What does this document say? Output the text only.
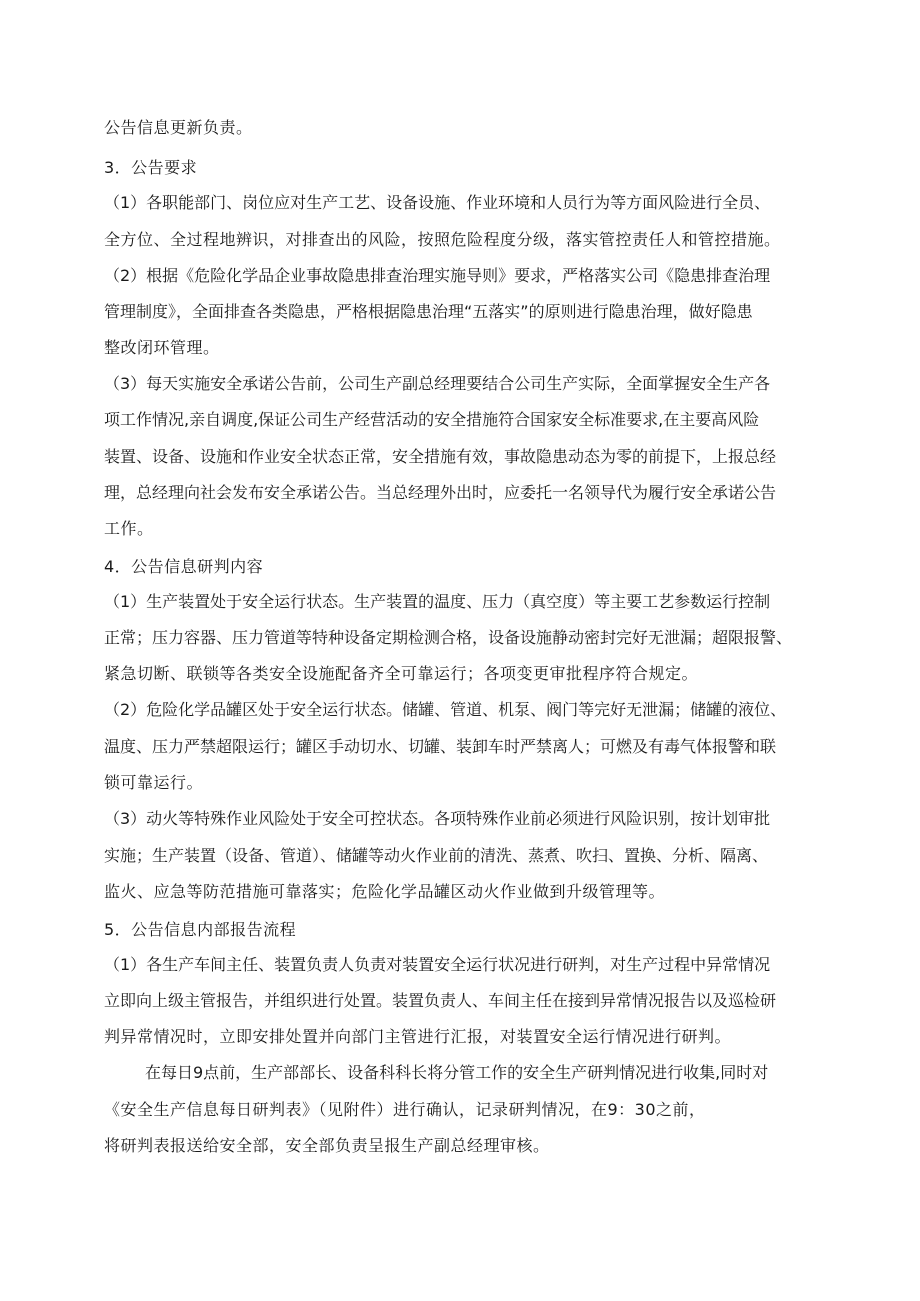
公告信息更新负责。

3．公告要求

（1）各职能部门、岗位应对生产工艺、设备设施、作业环境和人员行为等方面风险进行全员、

全方位、全过程地辨识，对排查出的风险，按照危险程度分级，落实管控责任人和管控措施。

（2）根据《危险化学品企业事故隐患排查治理实施导则》要求，严格落实公司《隐患排查治理

管理制度》，全面排查各类隐患，严格根据隐患治理“五落实”的原则进行隐患治理，做好隐患

整改闭环管理。

（3）每天实施安全承诺公告前，公司生产副总经理要结合公司生产实际，全面掌握安全生产各

项工作情况,亲自调度,保证公司生产经营活动的安全措施符合国家安全标准要求,在主要高风险

装置、设备、设施和作业安全状态正常，安全措施有效，事故隐患动态为零的前提下，上报总经

理，总经理向社会发布安全承诺公告。当总经理外出时，应委托一名领导代为履行安全承诺公告

工作。

4．公告信息研判内容

（1）生产装置处于安全运行状态。生产装置的温度、压力（真空度）等主要工艺参数运行控制

正常；压力容器、压力管道等特种设备定期检测合格，设备设施静动密封完好无泄漏；超限报警、

紧急切断、联锁等各类安全设施配备齐全可靠运行；各项变更审批程序符合规定。

（2）危险化学品罐区处于安全运行状态。储罐、管道、机泵、阀门等完好无泄漏；储罐的液位、

温度、压力严禁超限运行；罐区手动切水、切罐、装卸车时严禁离人；可燃及有毒气体报警和联

锁可靠运行。

（3）动火等特殊作业风险处于安全可控状态。各项特殊作业前必须进行风险识别，按计划审批

实施；生产装置（设备、管道）、储罐等动火作业前的清洗、蒸煮、吹扫、置换、分析、隔离、

监火、应急等防范措施可靠落实；危险化学品罐区动火作业做到升级管理等。

5．公告信息内部报告流程

（1）各生产车间主任、装置负责人负责对装置安全运行状况进行研判，对生产过程中异常情况

立即向上级主管报告，并组织进行处置。装置负责人、车间主任在接到异常情况报告以及巡检研

判异常情况时，立即安排处置并向部门主管进行汇报，对装置安全运行情况进行研判。

在每日9点前，生产部部长、设备科科长将分管工作的安全生产研判情况进行收集,同时对

《安全生产信息每日研判表》（见附件）进行确认，记录研判情况，在9：30之前，

将研判表报送给安全部，安全部负责呈报生产副总经理审核。
